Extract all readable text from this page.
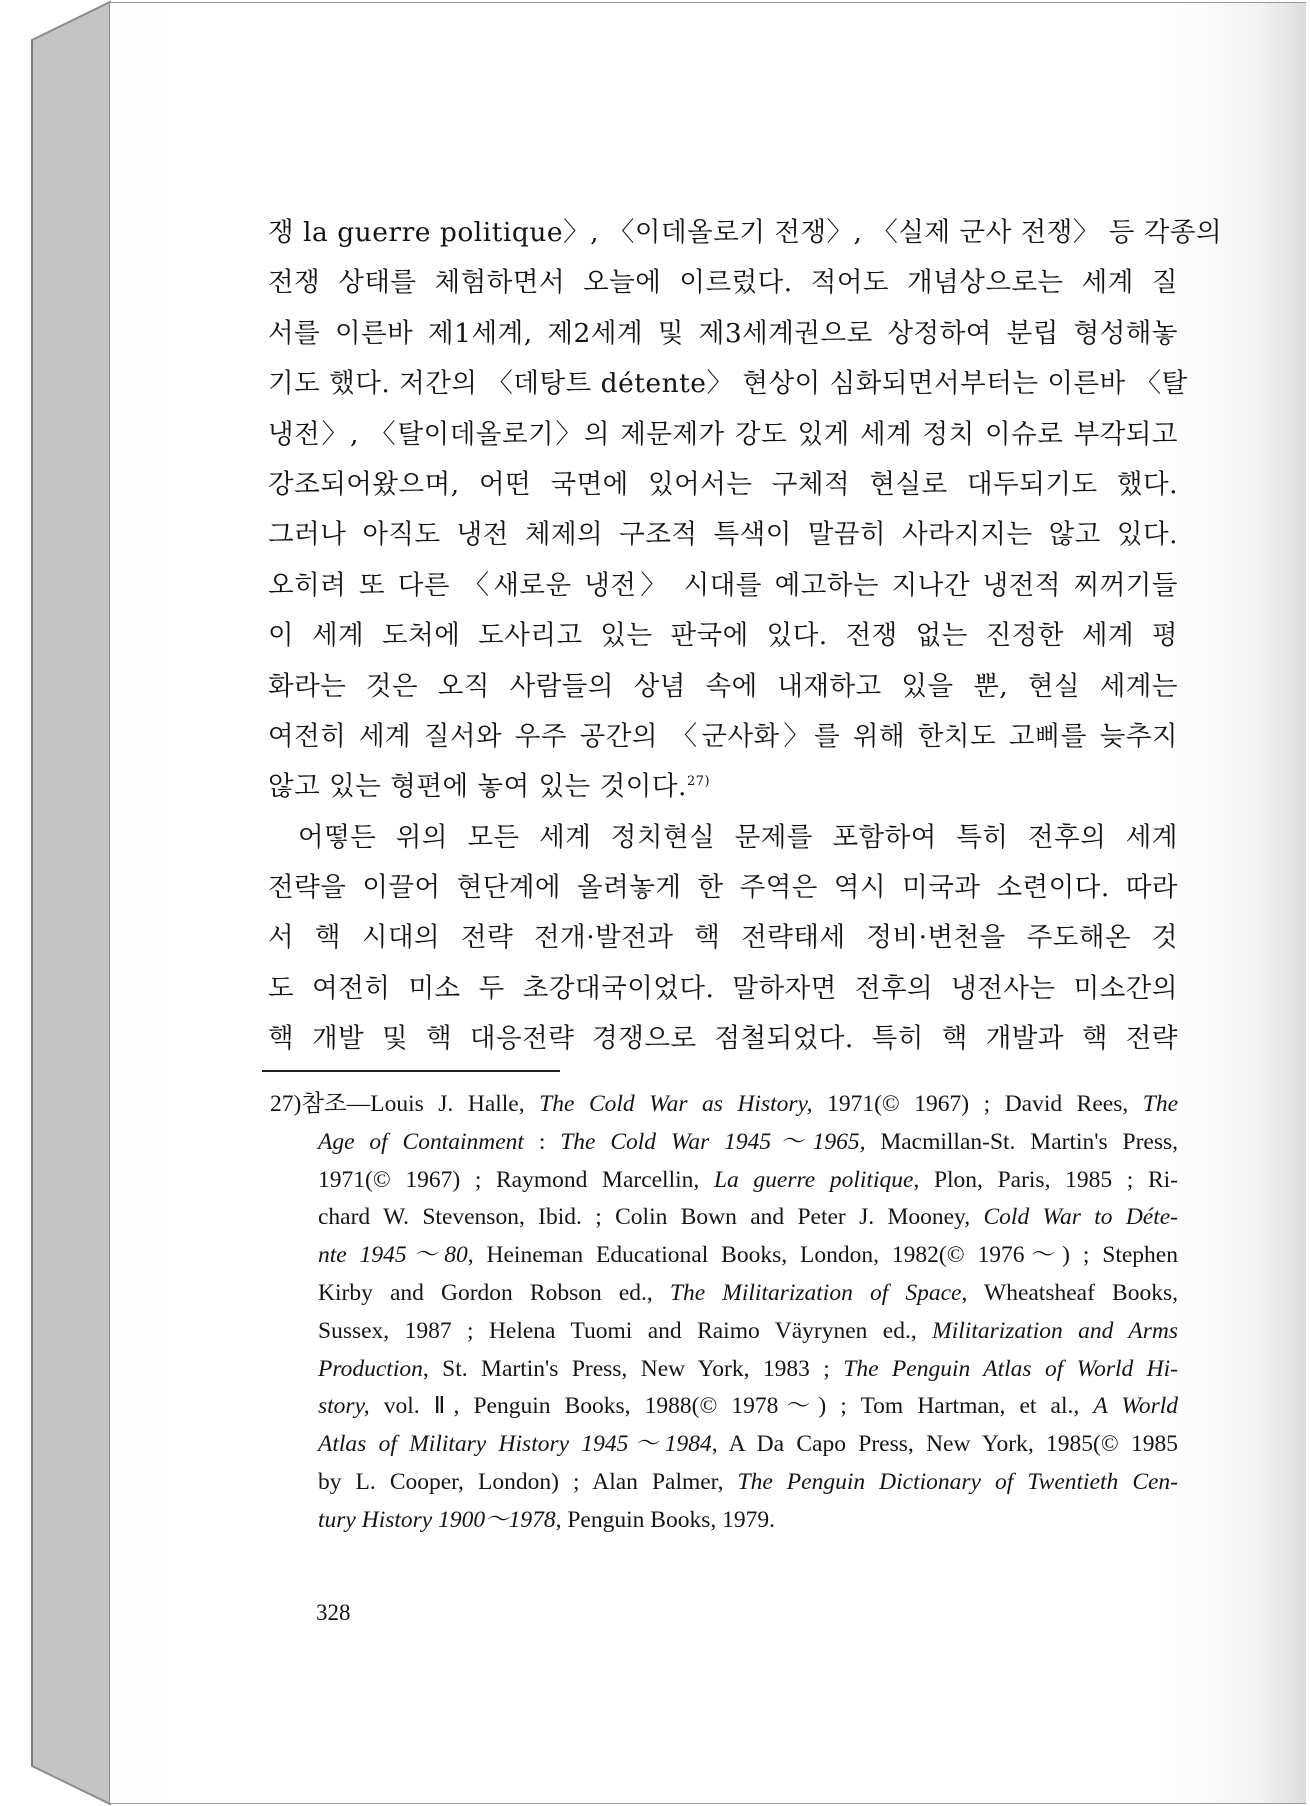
쟁 la guerre politique〉, 〈이데올로기 전쟁〉, 〈실제 군사 전쟁〉 등 각종의
전쟁 상태를 체험하면서 오늘에 이르렀다. 적어도 개념상으로는 세계 질
서를 이른바 제1세계, 제2세계 및 제3세계권으로 상정하여 분립 형성해놓
기도 했다. 저간의 〈데탕트 détente〉 현상이 심화되면서부터는 이른바 〈탈
냉전〉, 〈탈이데올로기〉의 제문제가 강도 있게 세계 정치 이슈로 부각되고
강조되어왔으며, 어떤 국면에 있어서는 구체적 현실로 대두되기도 했다.
그러나 아직도 냉전 체제의 구조적 특색이 말끔히 사라지지는 않고 있다.
오히려 또 다른 〈새로운 냉전〉 시대를 예고하는 지나간 냉전적 찌꺼기들
이 세계 도처에 도사리고 있는 판국에 있다. 전쟁 없는 진정한 세계 평
화라는 것은 오직 사람들의 상념 속에 내재하고 있을 뿐, 현실 세계는
여전히 세계 질서와 우주 공간의 〈군사화〉를 위해 한치도 고삐를 늦추지
않고 있는 형편에 놓여 있는 것이다.$^{27)}$
어떻든 위의 모든 세계 정치현실 문제를 포함하여 특히 전후의 세계
전략을 이끌어 현단계에 올려놓게 한 주역은 역시 미국과 소련이다. 따라
서 핵 시대의 전략 전개·발전과 핵 전략태세 정비·변천을 주도해온 것
도 여전히 미소 두 초강대국이었다. 말하자면 전후의 냉전사는 미소간의
핵 개발 및 핵 대응전략 경쟁으로 점철되었다. 특히 핵 개발과 핵 전략
27)참조—Louis J. Halle, The Cold War as History, 1971(© 1967) ; David Rees, The
Age of Containment : The Cold War 1945～1965, Macmillan-St. Martin's Press,
1971(© 1967) ; Raymond Marcellin, La guerre politique, Plon, Paris, 1985 ; Ri-
chard W. Stevenson, Ibid. ; Colin Bown and Peter J. Mooney, Cold War to Déte-
nte 1945～80, Heineman Educational Books, London, 1982(© 1976～) ; Stephen
Kirby and Gordon Robson ed., The Militarization of Space, Wheatsheaf Books,
Sussex, 1987 ; Helena Tuomi and Raimo Väyrynen ed., Militarization and Arms
Production, St. Martin's Press, New York, 1983 ; The Penguin Atlas of World Hi-
story, vol. Ⅱ, Penguin Books, 1988(© 1978～) ; Tom Hartman, et al., A World
Atlas of Military History 1945～1984, A Da Capo Press, New York, 1985(© 1985
by L. Cooper, London) ; Alan Palmer, The Penguin Dictionary of Twentieth Cen-
tury History 1900～1978, Penguin Books, 1979.
328
